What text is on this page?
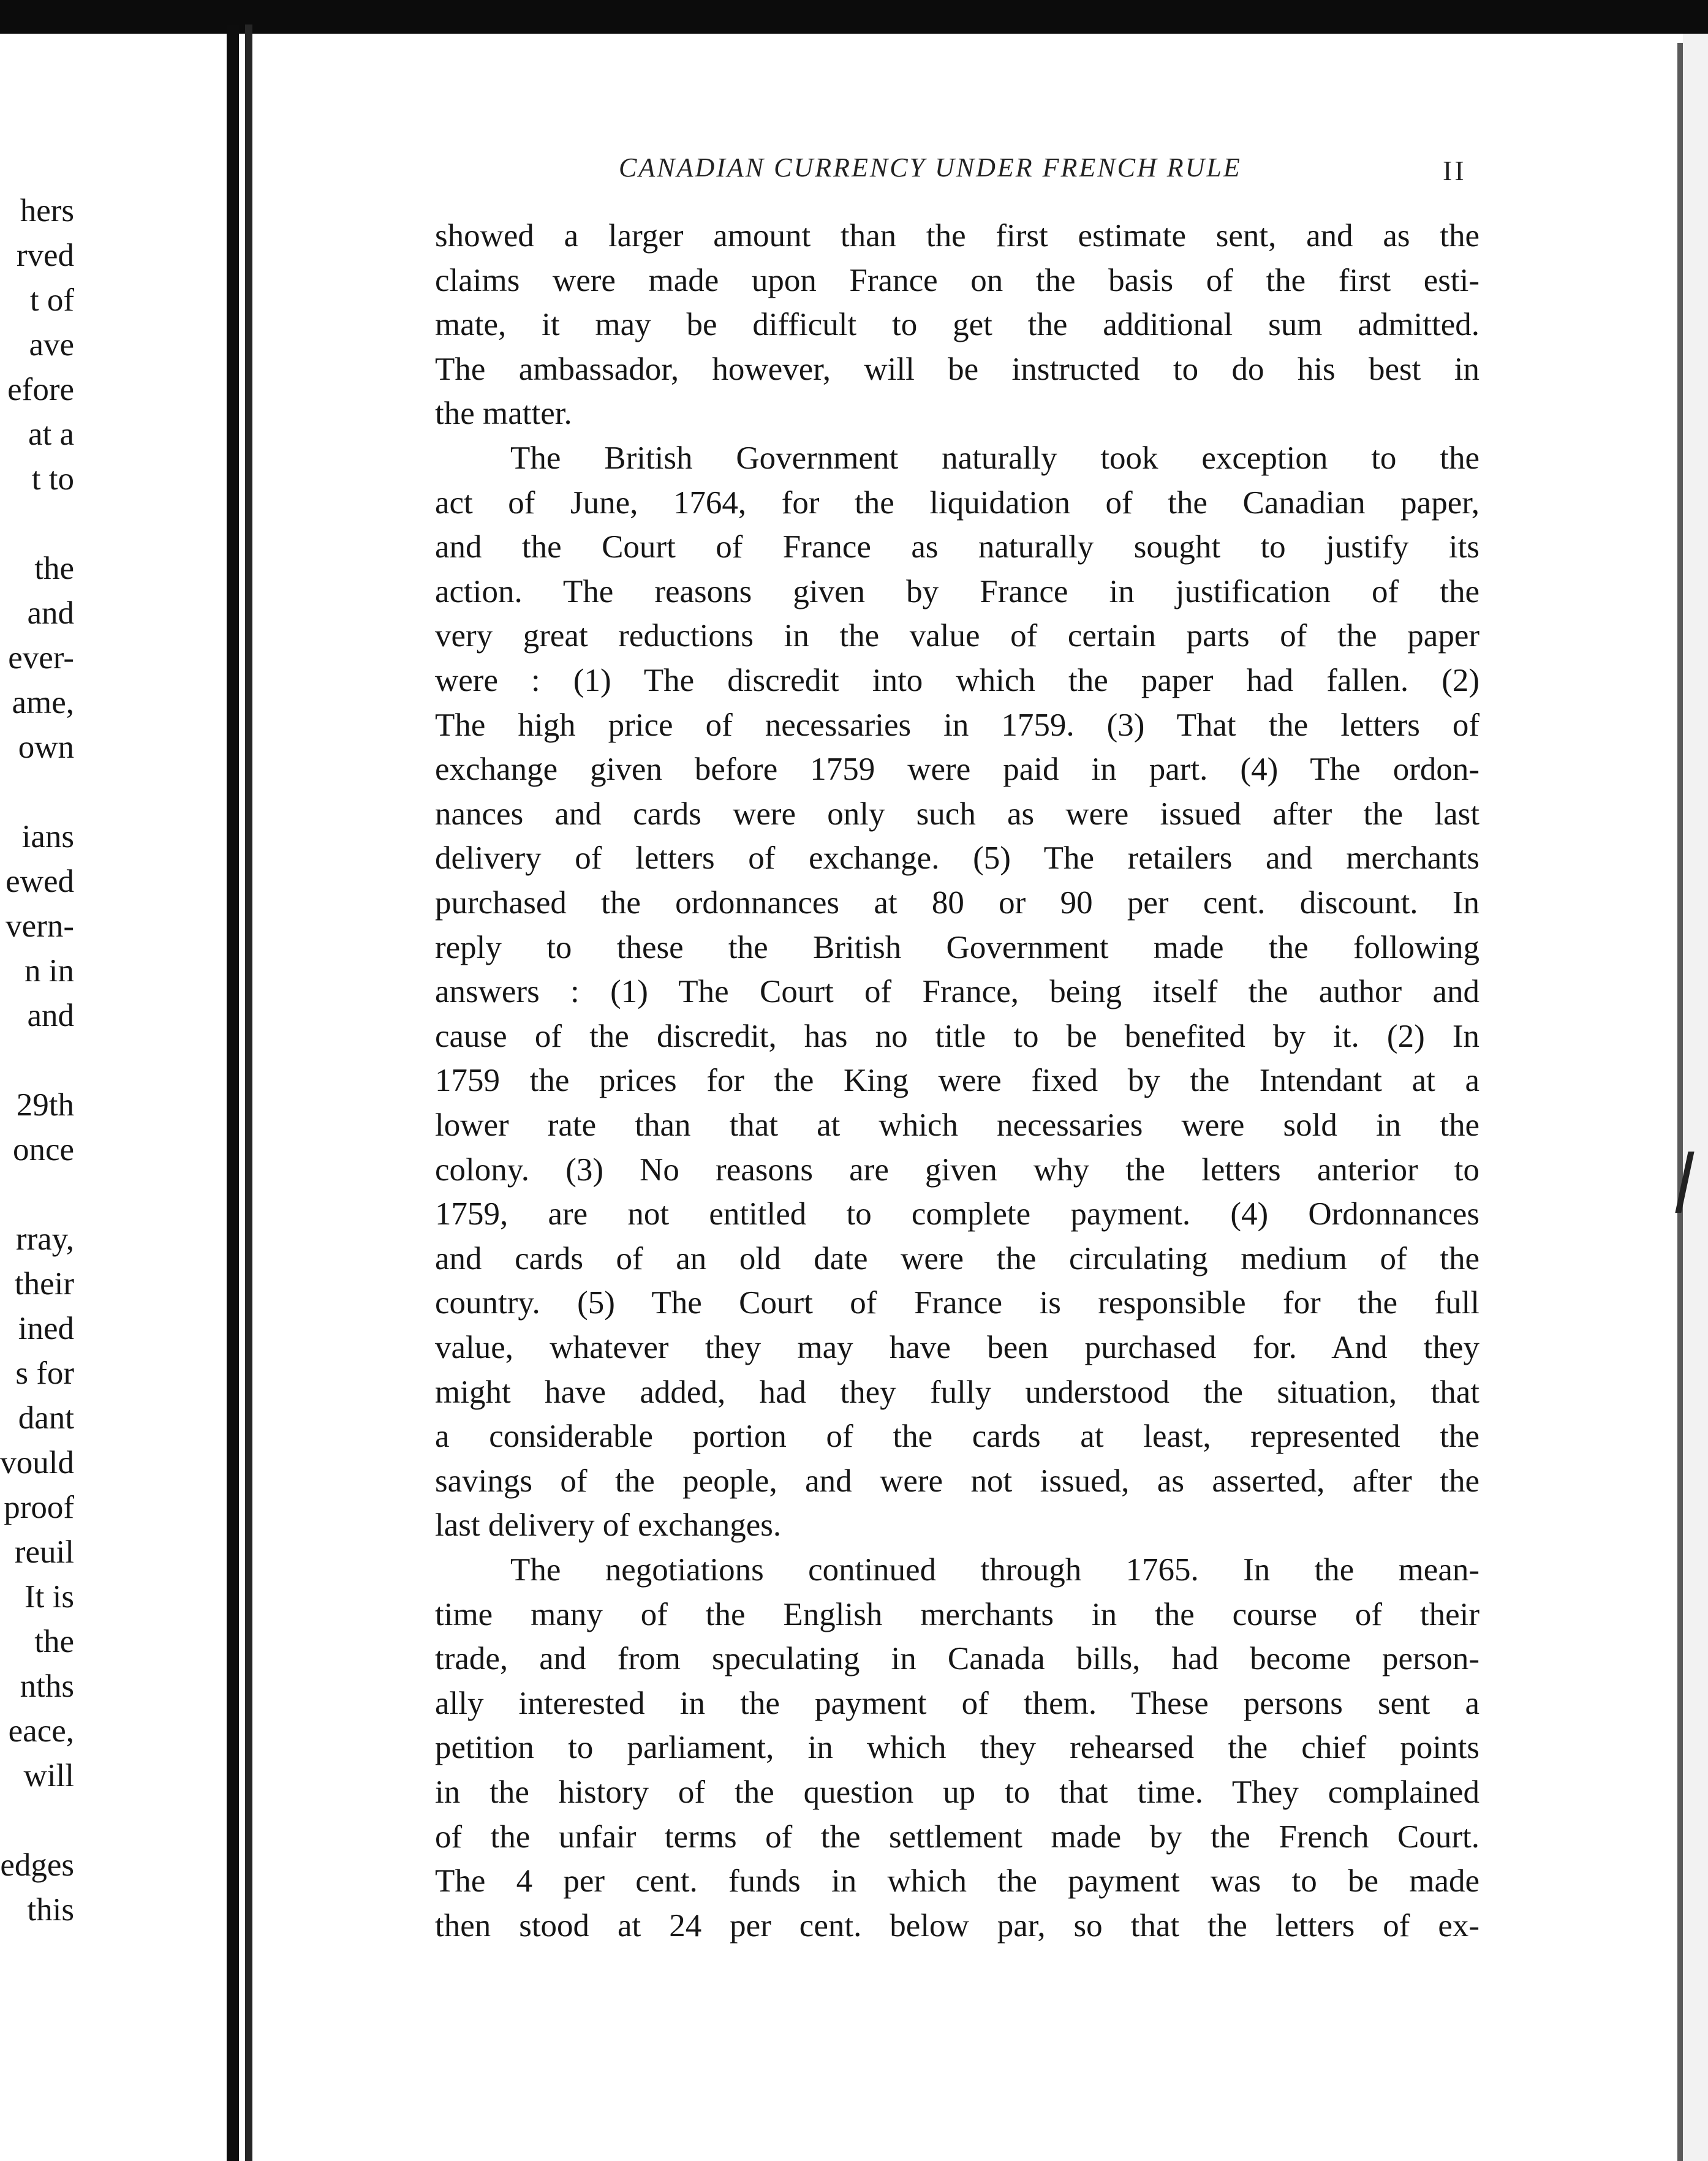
hers
rved
t of
ave
efore
at a
t to
the
and
ever-
ame,
own
ians
ewed
vern-
n in
and
29th
once
rray,
their
ined
s for
dant
vould
proof
reuil
It is
the
nths
eace,
will
edges
this
CANADIAN CURRENCY UNDER FRENCH RULE	II
showed a larger amount than the first estimate sent, and as the
claims were made upon France on the basis of the first esti-
mate, it may be difficult to get the additional sum admitted.
The ambassador, however, will be instructed to do his best in
the matter.
The British Government naturally took exception to the
act of June, 1764, for the liquidation of the Canadian paper,
and the Court of France as naturally sought to justify its
action. The reasons given by France in justification of the
very great reductions in the value of certain parts of the paper
were : (1) The discredit into which the paper had fallen. (2)
The high price of necessaries in 1759. (3) That the letters of
exchange given before 1759 were paid in part. (4) The ordon-
nances and cards were only such as were issued after the last
delivery of letters of exchange. (5) The retailers and merchants
purchased the ordonnances at 80 or 90 per cent. discount. In
reply to these the British Government made the following
answers : (1) The Court of France, being itself the author and
cause of the discredit, has no title to be benefited by it. (2) In
1759 the prices for the King were fixed by the Intendant at a
lower rate than that at which necessaries were sold in the
colony. (3) No reasons are given why the letters anterior to
1759, are not entitled to complete payment. (4) Ordonnances
and cards of an old date were the circulating medium of the
country. (5) The Court of France is responsible for the full
value, whatever they may have been purchased for. And they
might have added, had they fully understood the situation, that
a considerable portion of the cards at least, represented the
savings of the people, and were not issued, as asserted, after the
last delivery of exchanges.
The negotiations continued through 1765. In the mean-
time many of the English merchants in the course of their
trade, and from speculating in Canada bills, had become person-
ally interested in the payment of them. These persons sent a
petition to parliament, in which they rehearsed the chief points
in the history of the question up to that time. They complained
of the unfair terms of the settlement made by the French Court.
The 4 per cent. funds in which the payment was to be made
then stood at 24 per cent. below par, so that the letters of ex-
